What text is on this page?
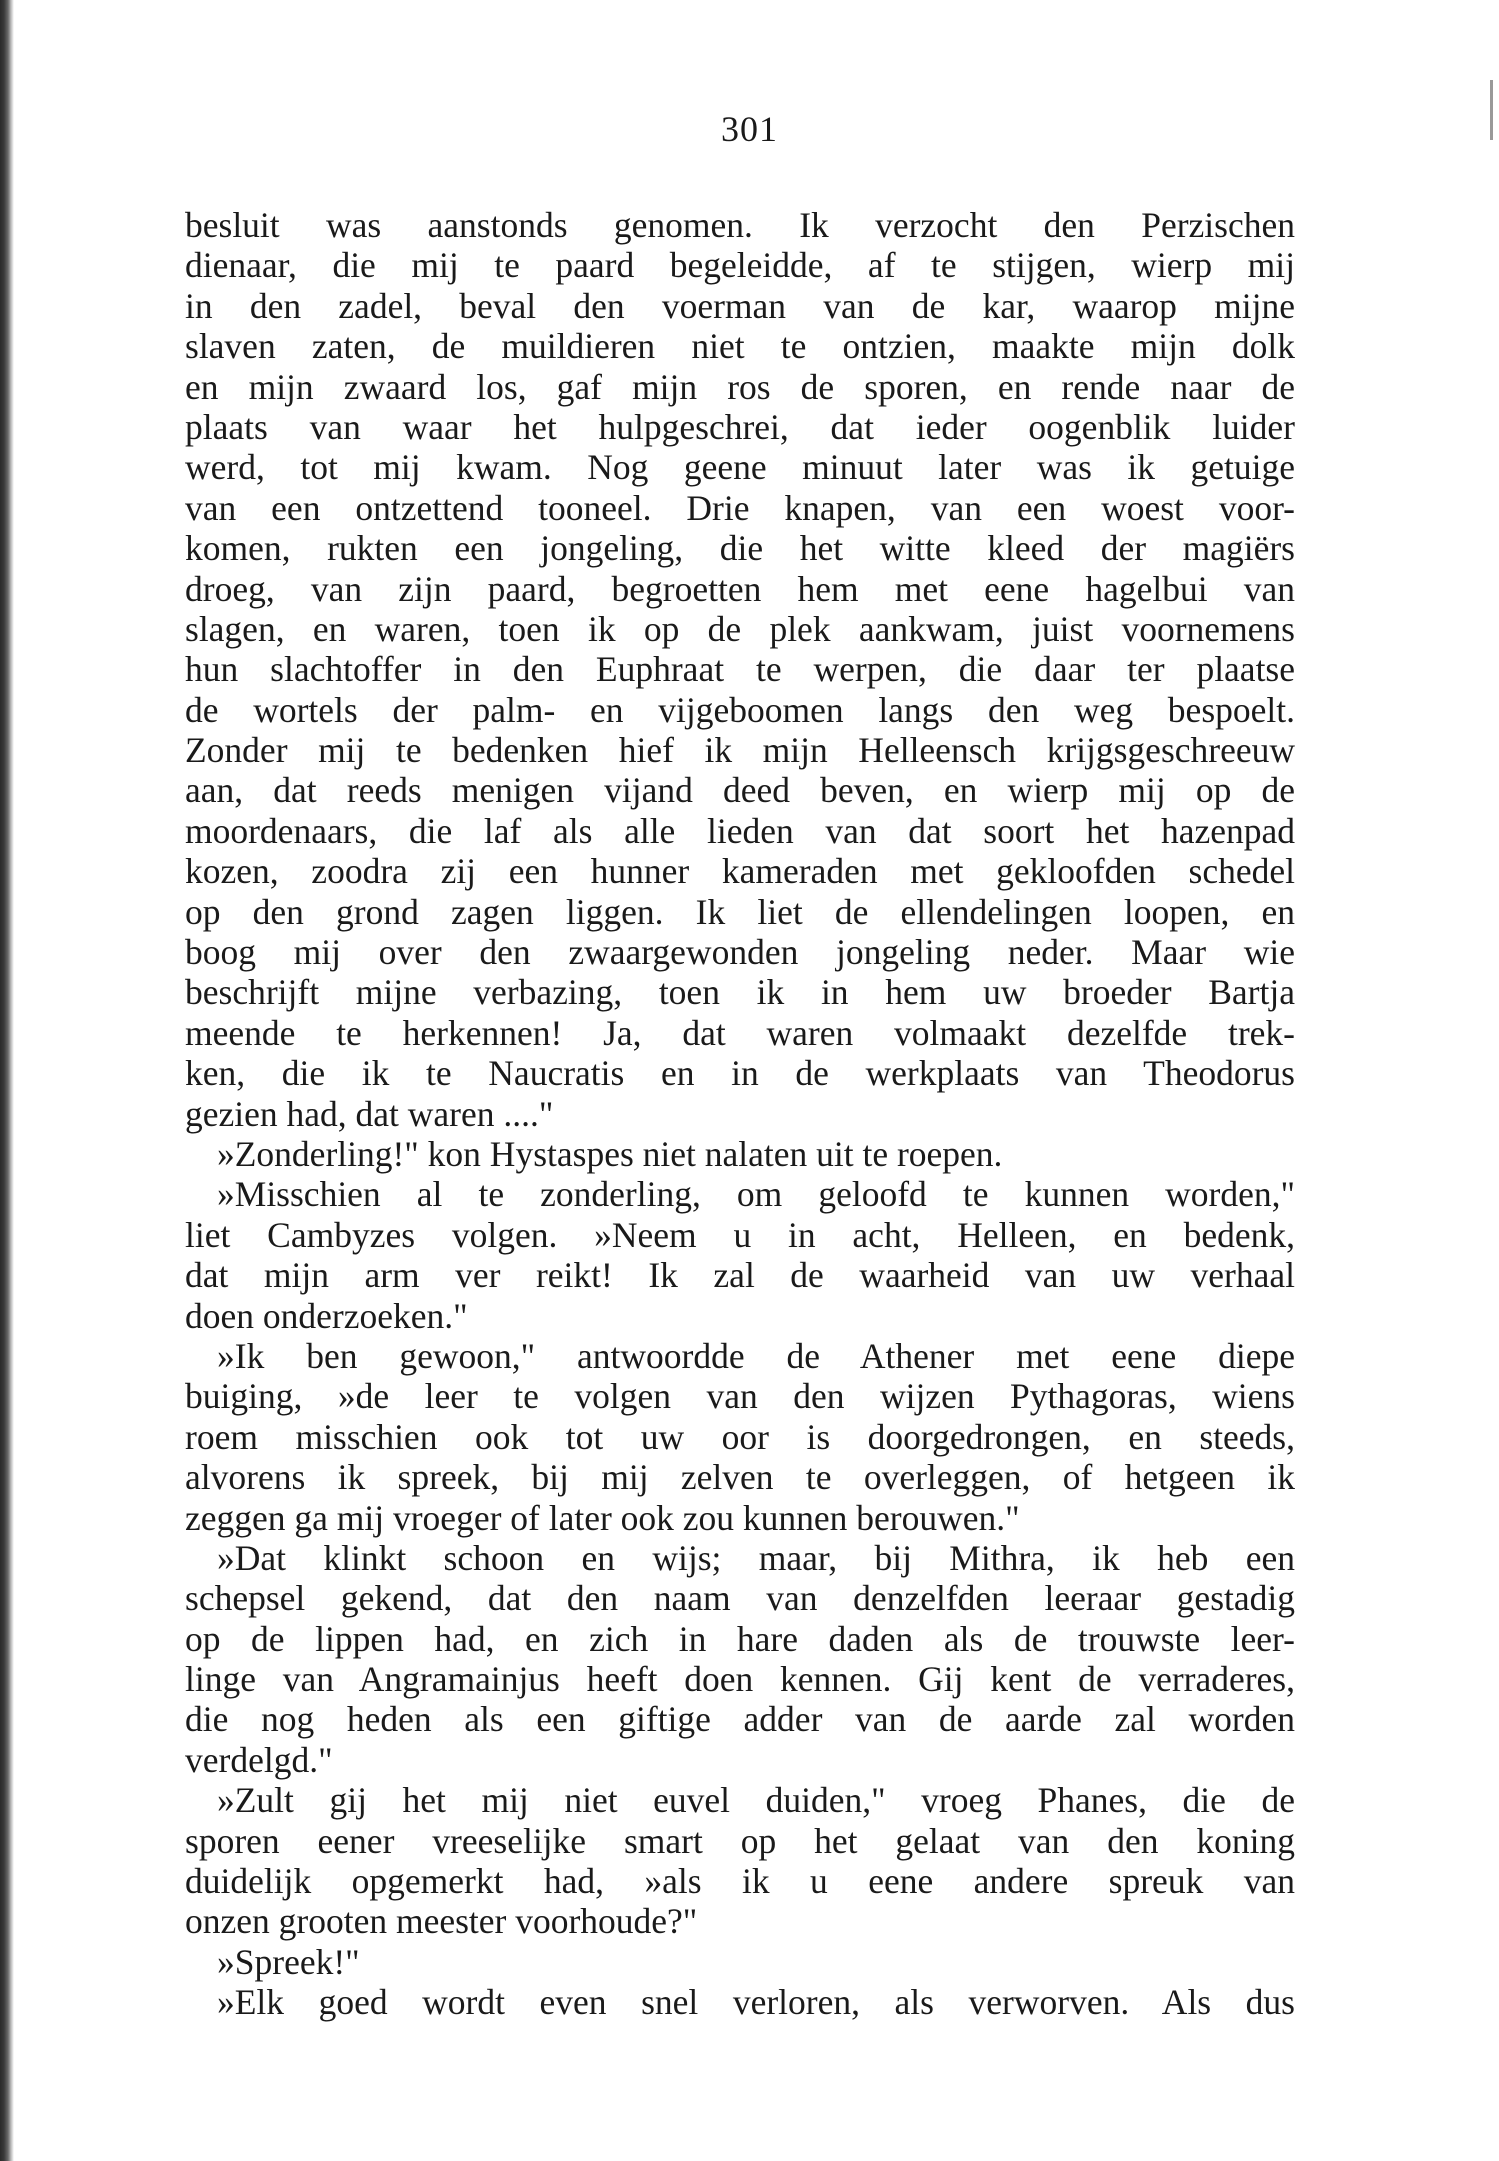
301
besluit was aanstonds genomen. Ik verzocht den Perzischen
dienaar, die mij te paard begeleidde, af te stijgen, wierp mij
in den zadel, beval den voerman van de kar, waarop mijne
slaven zaten, de muildieren niet te ontzien, maakte mijn dolk
en mijn zwaard los, gaf mijn ros de sporen, en rende naar de
plaats van waar het hulpgeschrei, dat ieder oogenblik luider
werd, tot mij kwam. Nog geene minuut later was ik getuige
van een ontzettend tooneel. Drie knapen, van een woest voor-
komen, rukten een jongeling, die het witte kleed der magiërs
droeg, van zijn paard, begroetten hem met eene hagelbui van
slagen, en waren, toen ik op de plek aankwam, juist voornemens
hun slachtoffer in den Euphraat te werpen, die daar ter plaatse
de wortels der palm- en vijgeboomen langs den weg bespoelt.
Zonder mij te bedenken hief ik mijn Helleensch krijgsgeschreeuw
aan, dat reeds menigen vijand deed beven, en wierp mij op de
moordenaars, die laf als alle lieden van dat soort het hazenpad
kozen, zoodra zij een hunner kameraden met gekloofden schedel
op den grond zagen liggen. Ik liet de ellendelingen loopen, en
boog mij over den zwaargewonden jongeling neder. Maar wie
beschrijft mijne verbazing, toen ik in hem uw broeder Bartja
meende te herkennen! Ja, dat waren volmaakt dezelfde trek-
ken, die ik te Naucratis en in de werkplaats van Theodorus
gezien had, dat waren ...."
»Zonderling!" kon Hystaspes niet nalaten uit te roepen.
»Misschien al te zonderling, om geloofd te kunnen worden,"
liet Cambyzes volgen. »Neem u in acht, Helleen, en bedenk,
dat mijn arm ver reikt! Ik zal de waarheid van uw verhaal
doen onderzoeken."
»Ik ben gewoon," antwoordde de Athener met eene diepe
buiging, »de leer te volgen van den wijzen Pythagoras, wiens
roem misschien ook tot uw oor is doorgedrongen, en steeds,
alvorens ik spreek, bij mij zelven te overleggen, of hetgeen ik
zeggen ga mij vroeger of later ook zou kunnen berouwen."
»Dat klinkt schoon en wijs; maar, bij Mithra, ik heb een
schepsel gekend, dat den naam van denzelfden leeraar gestadig
op de lippen had, en zich in hare daden als de trouwste leer-
linge van Angramainjus heeft doen kennen. Gij kent de verraderes,
die nog heden als een giftige adder van de aarde zal worden
verdelgd."
»Zult gij het mij niet euvel duiden," vroeg Phanes, die de
sporen eener vreeselijke smart op het gelaat van den koning
duidelijk opgemerkt had, »als ik u eene andere spreuk van
onzen grooten meester voorhoude?"
»Spreek!"
»Elk goed wordt even snel verloren, als verworven. Als dus
